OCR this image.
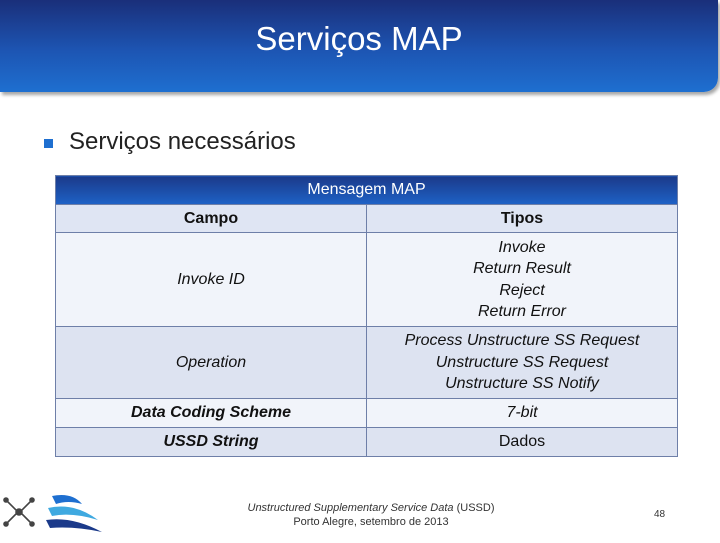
Serviços MAP
Serviços necessários
Mensagem MAP	
Campo	Tipos
Invoke ID	Invoke
Return Result
Reject
Return Error

Operation	Process Unstructure SS Request
Unstructure SS Request
Unstructure SS Notify

Data Coding Scheme	7-bit
USSD String	Dados
Unstructured Supplementary Service Data (USSD)
Porto Alegre, setembro de 2013
48
